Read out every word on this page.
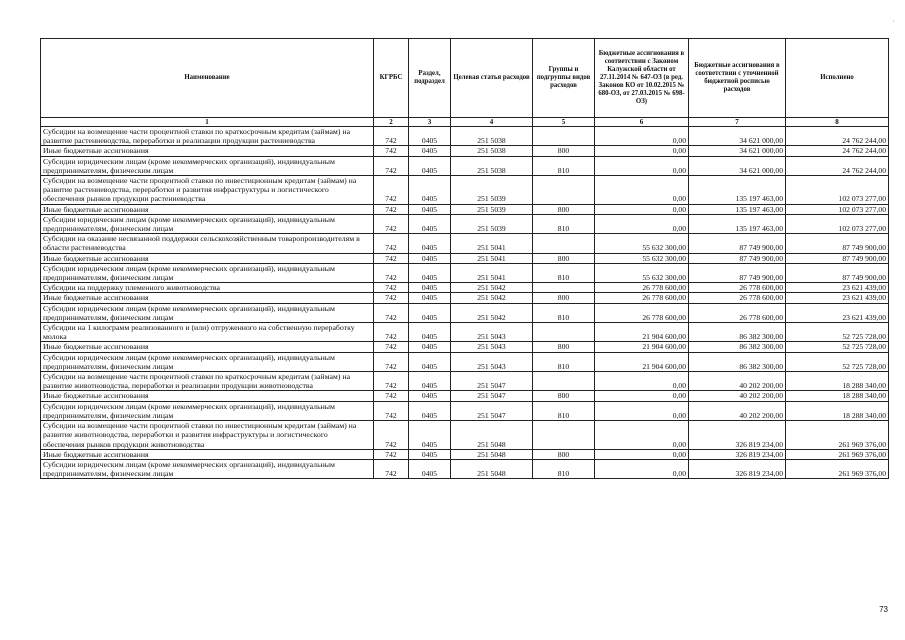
Наименование	КГРБС	Раздел, подраздел	Целевая статья расходов	Группы и подгруппы видов расходов	Бюджетные ассигнования в соответствии с Законом Калужской области от 27.11.2014 № 647-ОЗ (в ред. Законов КО от 10.02.2015 № 680-ОЗ, от 27.03.2015 № 698-ОЗ)	Бюджетные ассигнования в соответствии с уточненной бюджетной росписью расходов	Исполнено
1	2	3	4	5	6	7	8
Субсидии на возмещение части процентной ставки по краткосрочным кредитам (займам) на развитие растениеводства, переработки и реализации продукции растениеводства	742	0405	251 5038		0,00	34 621 000,00	24 762 244,00
Иные бюджетные ассигнования	742	0405	251 5038	800	0,00	34 621 000,00	24 762 244,00
Субсидии юридическим лицам (кроме некоммерческих организаций), индивидуальным предпринимателям, физическим лицам	742	0405	251 5038	810	0,00	34 621 000,00	24 762 244,00
Субсидии на возмещение части процентной ставки по инвестиционным кредитам (займам) на развитие растениеводства, переработки и развития инфраструктуры и логистического обеспечения рынков продукции растениеводства	742	0405	251 5039		0,00	135 197 463,00	102 073 277,00
Иные бюджетные ассигнования	742	0405	251 5039	800	0,00	135 197 463,00	102 073 277,00
Субсидии юридическим лицам (кроме некоммерческих организаций), индивидуальным предпринимателям, физическим лицам	742	0405	251 5039	810	0,00	135 197 463,00	102 073 277,00
Субсидии на оказание несвязанной поддержки сельскохозяйственным товаропроизводителям в области растениеводства	742	0405	251 5041		55 632 300,00	87 749 900,00	87 749 900,00
Иные бюджетные ассигнования	742	0405	251 5041	800	55 632 300,00	87 749 900,00	87 749 900,00
Субсидии юридическим лицам (кроме некоммерческих организаций), индивидуальным предпринимателям, физическим лицам	742	0405	251 5041	810	55 632 300,00	87 749 900,00	87 749 900,00
Субсидии на поддержку племенного животноводства	742	0405	251 5042		26 778 600,00	26 778 600,00	23 621 439,00
Иные бюджетные ассигнования	742	0405	251 5042	800	26 778 600,00	26 778 600,00	23 621 439,00
Субсидии юридическим лицам (кроме некоммерческих организаций), индивидуальным предпринимателям, физическим лицам	742	0405	251 5042	810	26 778 600,00	26 778 600,00	23 621 439,00
Субсидии на 1 килограмм реализованного и (или) отгруженного на собственную переработку молока	742	0405	251 5043		21 904 600,00	86 382 300,00	52 725 728,00
Иные бюджетные ассигнования	742	0405	251 5043	800	21 904 600,00	86 382 300,00	52 725 728,00
Субсидии юридическим лицам (кроме некоммерческих организаций), индивидуальным предпринимателям, физическим лицам	742	0405	251 5043	810	21 904 600,00	86 382 300,00	52 725 728,00
Субсидии на возмещение части процентной ставки по краткосрочным кредитам (займам) на развитие животноводства, переработки и реализации продукции животноводства	742	0405	251 5047		0,00	40 202 200,00	18 288 340,00
Иные бюджетные ассигнования	742	0405	251 5047	800	0,00	40 202 200,00	18 288 340,00
Субсидии юридическим лицам (кроме некоммерческих организаций), индивидуальным предпринимателям, физическим лицам	742	0405	251 5047	810	0,00	40 202 200,00	18 288 340,00
Субсидии на возмещение части процентной ставки по инвестиционным кредитам (займам) на развитие животноводства, переработки и развития инфраструктуры и логистического обеспечения рынков продукции животноводства	742	0405	251 5048		0,00	326 819 234,00	261 969 376,00
Иные бюджетные ассигнования	742	0405	251 5048	800	0,00	326 819 234,00	261 969 376,00
Субсидии юридическим лицам (кроме некоммерческих организаций), индивидуальным предпринимателям, физическим лицам	742	0405	251 5048	810	0,00	326 819 234,00	261 969 376,00
·
73
